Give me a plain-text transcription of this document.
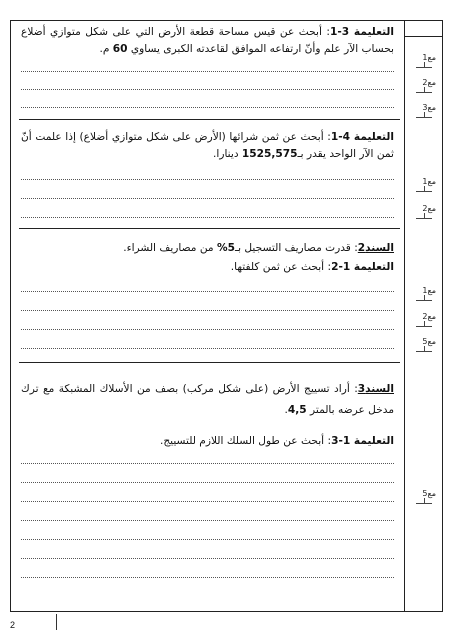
مع1
مع2
مع3
مع1
مع2
مع1
مع2
مع5
مع5
التعليمة 3-1: أبحث عن قيس مساحة قطعة الأرض التي على شكل متوازي أضلاع بحساب الآر علم وأنّ ارتفاعه الموافق لقاعدته الكبرى يساوي 60 م.
التعليمة 4-1: أبحث عن ثمن شرائها (الأرض على شكل متوازي أضلاع) إذا علمت أنّ ثمن الآر الواحد يقدر بـ1525,575 دينارا.
السند2: قدرت مصاريف التسجيل بـ5% من مصاريف الشراء.
التعليمة 1-2: أبحث عن ثمن كلفتها.
السند3: أراد تسييج الأرض (على شكل مركب) بصف من الأسلاك المشبكة مع ترك مدخل عرضه بالمتر 4,5.
التعليمة 1-3: أبحث عن طول السلك اللازم للتسييج.
2
